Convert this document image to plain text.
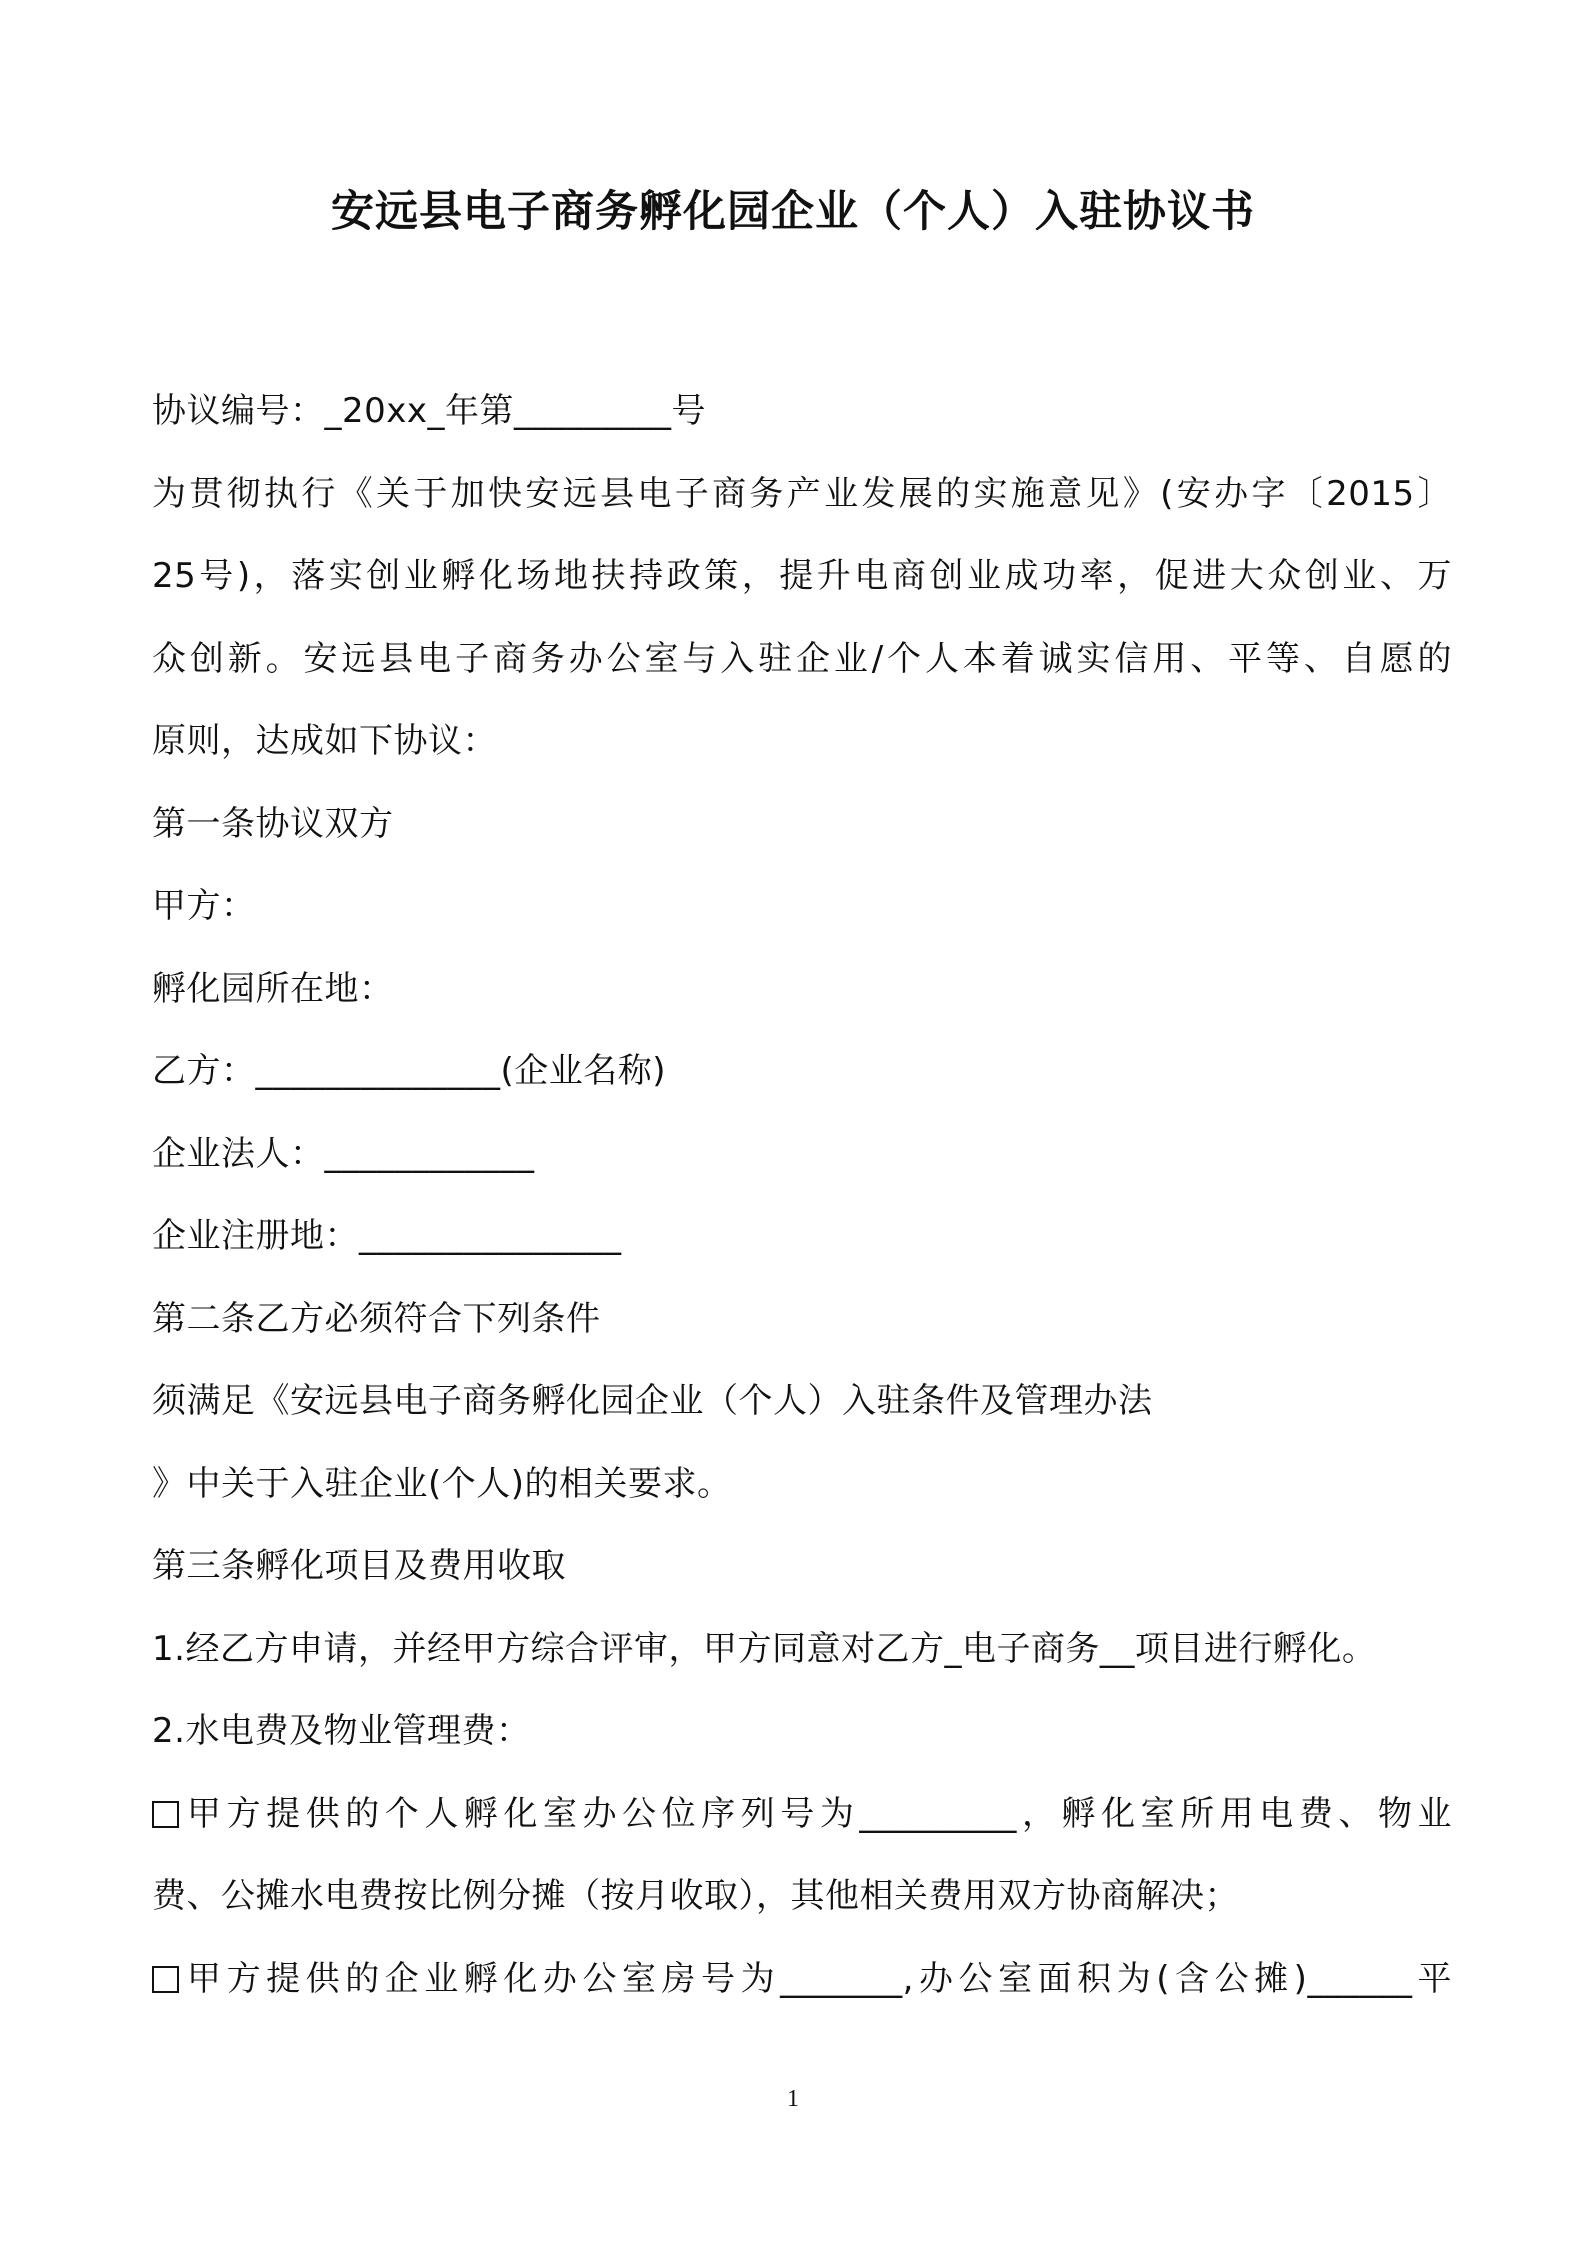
安远县电子商务孵化园企业（个人）入驻协议书
协议编号：_20xx_年第_________号
为贯彻执行《关于加快安远县电子商务产业发展的实施意见》(安办字〔2015〕
25号)，落实创业孵化场地扶持政策，提升电商创业成功率，促进大众创业、万
众创新。安远县电子商务办公室与入驻企业/个人本着诚实信用、平等、自愿的
原则，达成如下协议：
第一条协议双方
甲方：
孵化园所在地：
乙方：______________(企业名称)
企业法人：____________
企业注册地：_______________
第二条乙方必须符合下列条件
须满足《安远县电子商务孵化园企业（个人）入驻条件及管理办法
》中关于入驻企业(个人)的相关要求。
第三条孵化项目及费用收取
1.经乙方申请，并经甲方综合评审，甲方同意对乙方_电子商务__项目进行孵化。
2.水电费及物业管理费：
甲方提供的个人孵化室办公位序列号为_________，孵化室所用电费、物业
费、公摊水电费按比例分摊（按月收取），其他相关费用双方协商解决；
甲方提供的企业孵化办公室房号为_______,办公室面积为(含公摊)______平
1
